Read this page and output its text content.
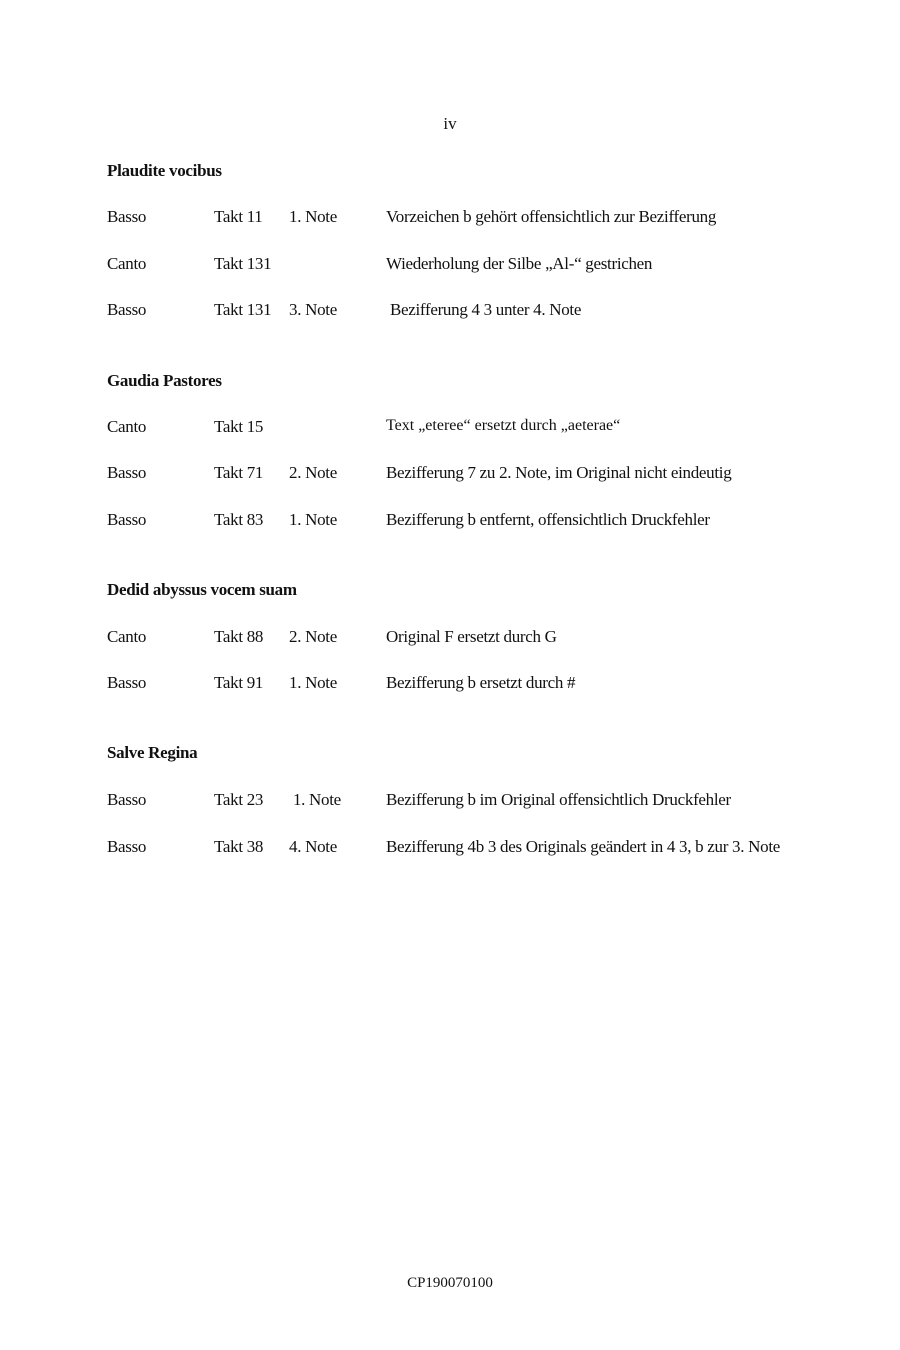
iv
Plaudite vocibus
Basso	Takt 11 1. Note	Vorzeichen b gehört offensichtlich zur Bezifferung
Canto	Takt 131	Wiederholung der Silbe „Al-“ gestrichen
Basso	Takt 131 3. Note	Bezifferung 4 3 unter 4. Note
Gaudia Pastores
Canto	Takt 15	Text „eteree“ ersetzt durch „aeterae“
Basso	Takt 71 2. Note	Bezifferung 7 zu 2. Note, im Original nicht eindeutig
Basso	Takt 83 1. Note	Bezifferung b entfernt, offensichtlich Druckfehler
Dedid abyssus vocem suam
Canto	Takt 88 2. Note	Original F ersetzt durch G
Basso	Takt 91 1. Note	Bezifferung b ersetzt durch #
Salve Regina
Basso	Takt 23 1. Note	Bezifferung b im Original offensichtlich Druckfehler
Basso	Takt 38 4. Note	Bezifferung 4b 3 des Originals geändert in 4 3, b zur 3. Note
CP190070100
